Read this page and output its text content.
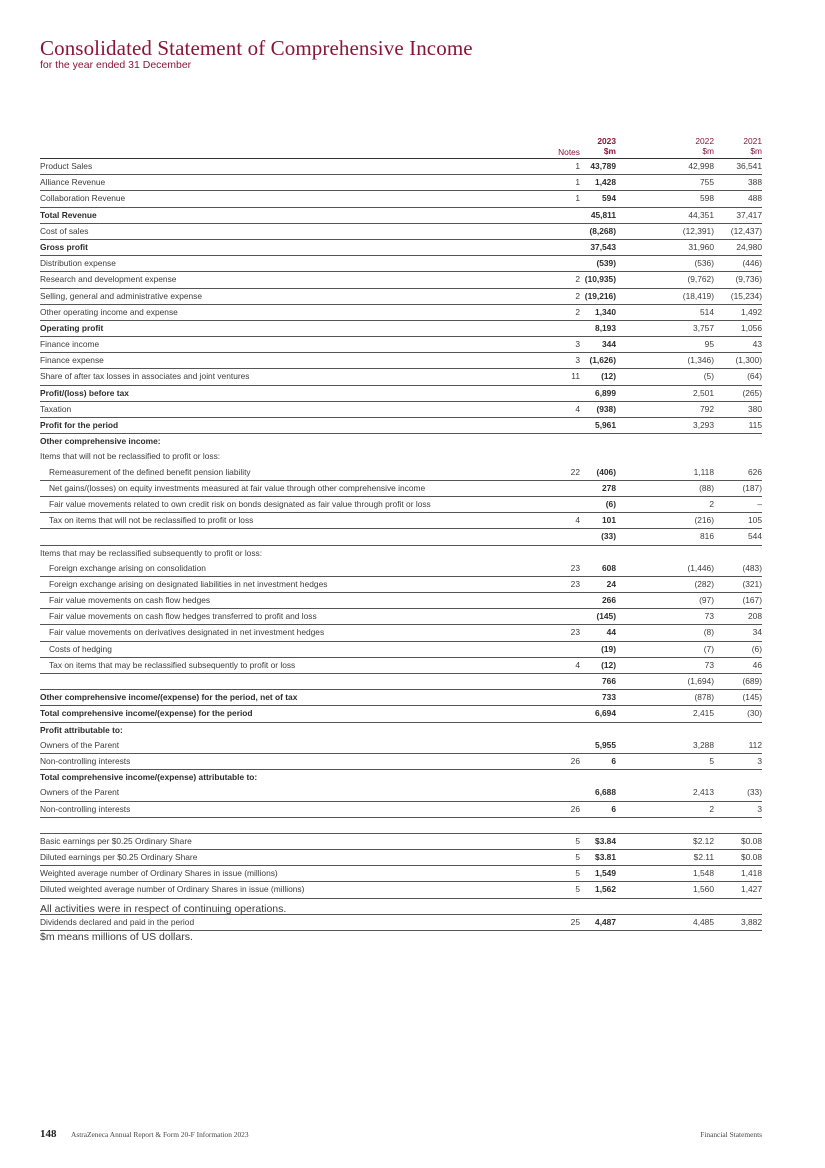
Consolidated Statement of Comprehensive Income
for the year ended 31 December
Notes
2023
$m
2022
$m
2021
$m
Product Sales	1	43,789	42,998	36,541
Alliance Revenue	1	1,428	755	388
Collaboration Revenue	1	594	598	488
Total Revenue	45,811	44,351	37,417
Cost of sales	(8,268)	(12,391)	(12,437)
Gross profit	37,543	31,960	24,980
Distribution expense	(539)	(536)	(446)
Research and development expense	2 (10,935)	(9,762)	(9,736)
Selling, general and administrative expense	2 (19,216)	(18,419)	(15,234)
Other operating income and expense	2	1,340	514	1,492
Operating profit	8,193	3,757	1,056
Finance income	3	344	95	43
Finance expense	3	(1,626)	(1,346)	(1,300)
Share of after tax losses in associates and joint ventures	11	(12)	(5)	(64)
Profit/(loss) before tax	6,899	2,501	(265)
Taxation	4	(938)	792	380
Profit for the period	5,961	3,293	115
Other comprehensive income:
Items that will not be reclassified to profit or loss:
Remeasurement of the defined benefit pension liability	22	(406)	1,118	626
Net gains/(losses) on equity investments measured at fair value through other comprehensive income	278	(88)	(187)
Fair value movements related to own credit risk on bonds designated as fair value through profit or loss	(6)	2	–
Tax on items that will not be reclassified to profit or loss	4	101	(216)	105
(33)	816	544
Items that may be reclassified subsequently to profit or loss:
Foreign exchange arising on consolidation	23	608	(1,446)	(483)
Foreign exchange arising on designated liabilities in net investment hedges	23	24	(282)	(321)
Fair value movements on cash flow hedges	266	(97)	(167)
Fair value movements on cash flow hedges transferred to profit and loss	(145)	73	208
Fair value movements on derivatives designated in net investment hedges	23	44	(8)	34
Costs of hedging	(19)	(7)	(6)
Tax on items that may be reclassified subsequently to profit or loss	4	(12)	73	46
766	(1,694)	(689)
Other comprehensive income/(expense) for the period, net of tax	733	(878)	(145)
Total comprehensive income/(expense) for the period	6,694	2,415	(30)
Profit attributable to:
Owners of the Parent	5,955	3,288	112
Non-controlling interests	26	6	5	3
Total comprehensive income/(expense) attributable to:
Owners of the Parent	6,688	2,413	(33)
Non-controlling interests	26	6	2	3
Basic earnings per $0.25 Ordinary Share	5	$3.84	$2.12	$0.08
Diluted earnings per $0.25 Ordinary Share	5	$3.81	$2.11	$0.08
Weighted average number of Ordinary Shares in issue (millions)	5	1,549	1,548	1,418
Diluted weighted average number of Ordinary Shares in issue (millions)	5	1,562	1,560	1,427
Dividends declared and paid in the period	25	4,487	4,485	3,882
All activities were in respect of continuing operations.
$m means millions of US dollars.
148 AstraZeneca Annual Report & Form 20-F Information 2023	Financial Statements
